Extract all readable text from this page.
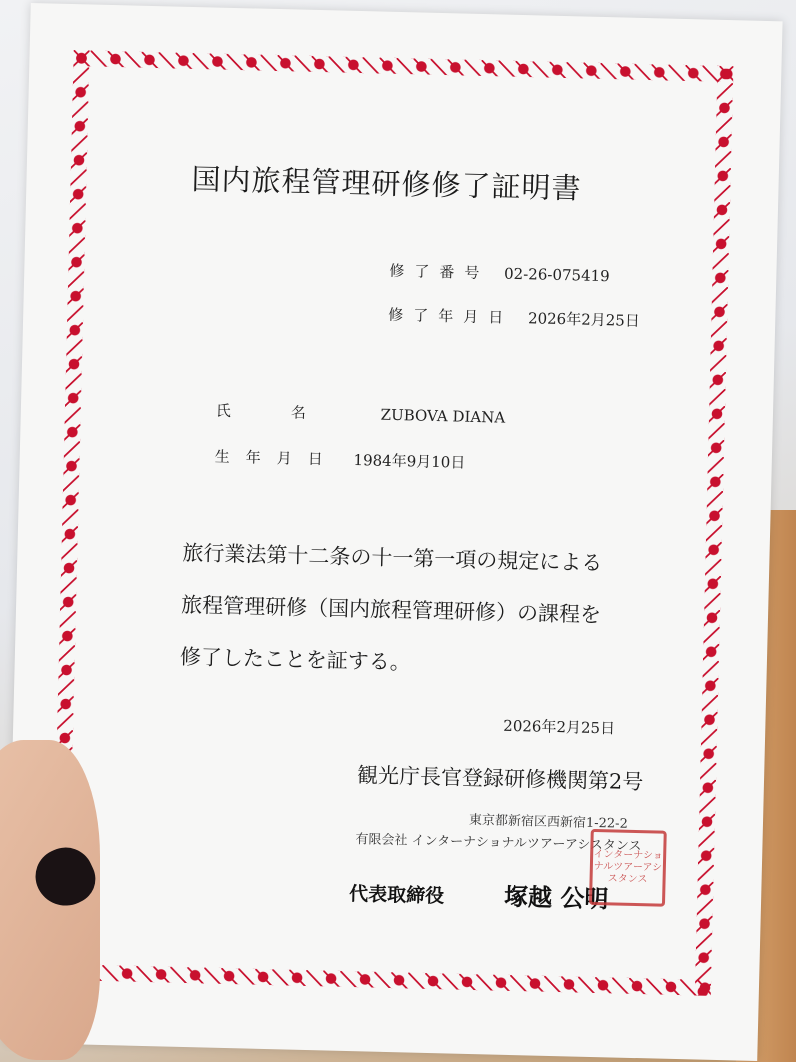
国内旅程管理研修修了証明書
修了番号 02-26-075419
修了年月日 2026年2月25日
氏名 ZUBOVA DIANA
生年月日 1984年9月10日
旅行業法第十二条の十一第一項の規定による
旅程管理研修（国内旅程管理研修）の課程を
修了したことを証する。
2026年2月25日
観光庁長官登録研修機関第2号
東京都新宿区西新宿1-22-2
有限会社 インターナショナルツアーアシスタンス
代表取締役 塚越 公明
インターナショナルツアーアシスタンス
